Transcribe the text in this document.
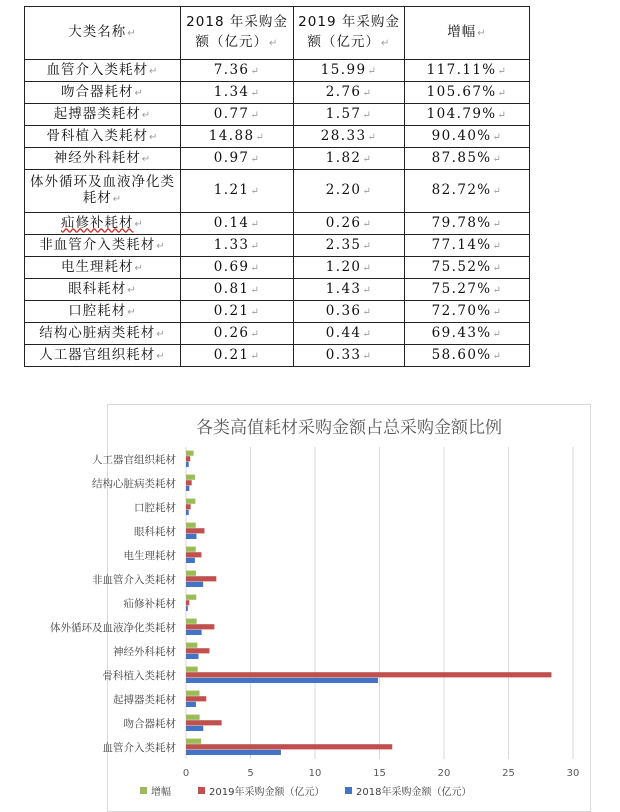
大类名称↵	2018 年采购金额（亿元）↵	2019 年采购金额（亿元）↵	增幅↵
血管介入类耗材↵	7.36↵	15.99↵	117.11%↵
吻合器耗材↵	1.34↵	2.76↵	105.67%↵
起搏器类耗材↵	0.77↵	1.57↵	104.79%↵
骨科植入类耗材↵	14.88↵	28.33↵	90.40%↵
神经外科耗材↵	0.97↵	1.82↵	87.85%↵
体外循环及血液净化类耗材↵	1.21↵	2.20↵	82.72%↵
疝修补耗材↵	0.14↵	0.26↵	79.78%↵
非血管介入类耗材↵	1.33↵	2.35↵	77.14%↵
电生理耗材↵	0.69↵	1.20↵	75.52%↵
眼科耗材↵	0.81↵	1.43↵	75.27%↵
口腔耗材↵	0.21↵	0.36↵	72.70%↵
结构心脏病类耗材↵	0.26↵	0.44↵	69.43%↵
人工器官组织耗材↵	0.21↵	0.33↵	58.60%↵
各类高值耗材采购金额占总采购金额比例
血管介入类耗材
吻合器耗材
起搏器类耗材
骨科植入类耗材
神经外科耗材
体外循环及血液净化类耗材
疝修补耗材
非血管介入类耗材
电生理耗材
眼科耗材
口腔耗材
结构心脏病类耗材
人工器官组织耗材
0	5	10	15	20	25	30
增幅	2019年采购金额（亿元）	2018年采购金额（亿元）
